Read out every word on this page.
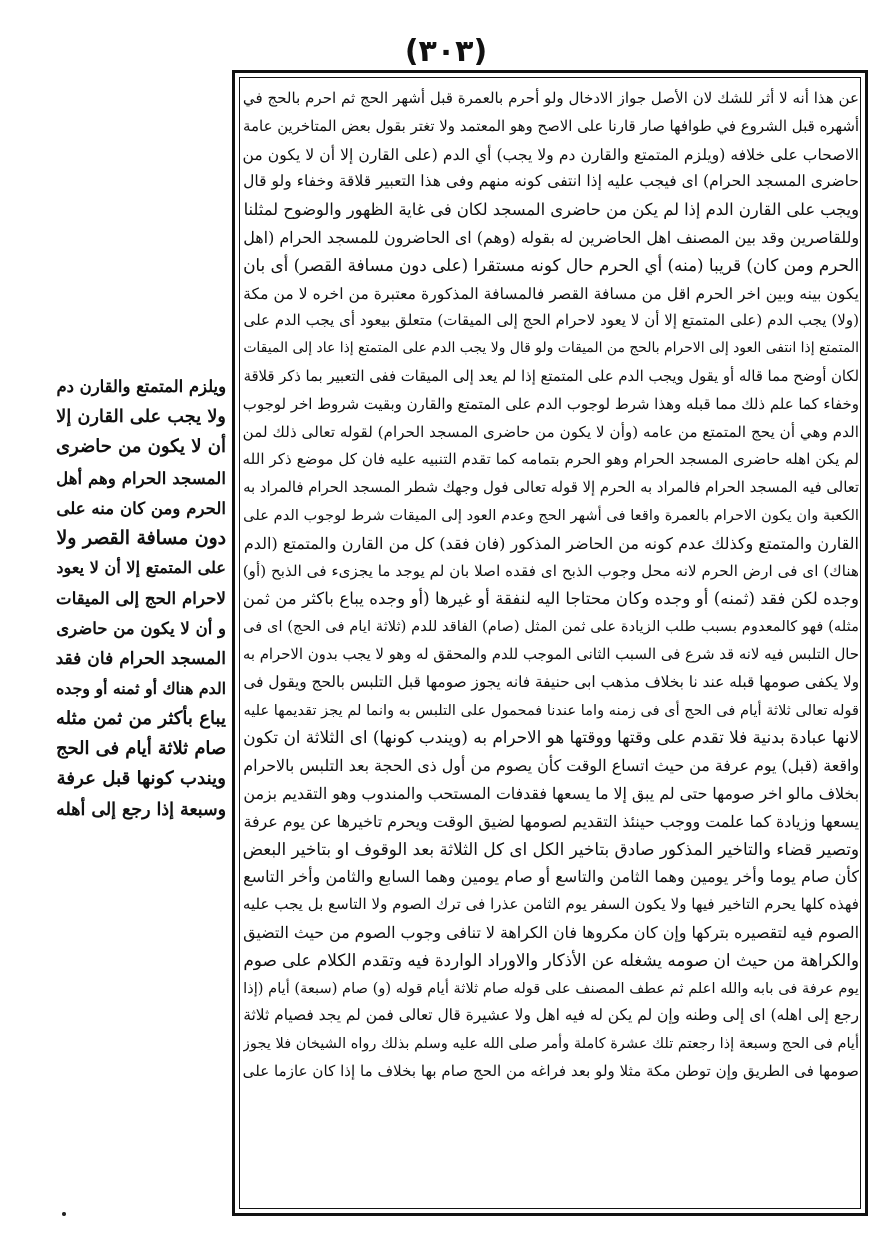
(٣٠٣)
ويلزم المتمتع والقارن دم
ولا يجب على القارن إلا
أن لا يكون من حاضرى
المسجد الحرام وهم أهل
الحرم ومن كان منه على
دون مسافة القصر ولا
على المتمتع إلا أن لا يعود
لاحرام الحج إلى الميقات
و أن لا يكون من حاضرى
المسجد الحرام فان فقد
الدم هناك أو ثمنه أو وجده
يباع بأكثر من ثمن مثله
صام ثلاثة أيام فى الحج
ويندب كونها قبل عرفة
وسبعة إذا رجع إلى أهله
عن هذا أنه لا أثر للشك لان الأصل جواز الادخال ولو أحرم بالعمرة قبل أشهر الحج ثم احرم بالحج في
أشهره قبل الشروع في طوافها صار قارنا على الاصح وهو المعتمد ولا تغتر بقول بعض المتاخرين عامة
الاصحاب على خلافه (ويلزم المتمتع والقارن دم ولا يجب) أي الدم (على القارن إلا أن لا يكون من
حاضرى المسجد الحرام) اى فيجب عليه إذا انتفى كونه منهم وفى هذا التعبير قلاقة وخفاء ولو قال
ويجب على القارن الدم إذا لم يكن من حاضرى المسجد لكان فى غاية الظهور والوضوح لمثلنا
وللقاصرين وقد بين المصنف اهل الحاضرين له بقوله (وهم) اى الحاضرون للمسجد الحرام (اهل
الحرم ومن كان) قريبا (منه) أي الحرم حال كونه مستقرا (على دون مسافة القصر) أى بان
يكون بينه وبين اخر الحرم اقل من مسافة القصر فالمسافة المذكورة معتبرة من اخره لا من مكة
(ولا) يجب الدم (على المتمتع إلا أن لا يعود لاحرام الحج إلى الميقات) متعلق بيعود أى يجب الدم على
المتمتع إذا انتفى العود إلى الاحرام بالحج من الميقات ولو قال ولا يجب الدم على المتمتع إذا عاد إلى الميقات
لكان أوضح مما قاله أو يقول ويجب الدم على المتمتع إذا لم يعد إلى الميقات ففى التعبير بما ذكر قلاقة
وخفاء كما علم ذلك مما قبله وهذا شرط لوجوب الدم على المتمتع والقارن وبقيت شروط اخر لوجوب
الدم وهي أن يحج المتمتع من عامه (وأن لا يكون من حاضرى المسجد الحرام) لقوله تعالى ذلك لمن
لم يكن اهله حاضرى المسجد الحرام وهو الحرم بتمامه كما تقدم التنبيه عليه فان كل موضع ذكر الله
تعالى فيه المسجد الحرام فالمراد به الحرم إلا قوله تعالى فول وجهك شطر المسجد الحرام فالمراد به
الكعبة وان يكون الاحرام بالعمرة واقعا فى أشهر الحج وعدم العود إلى الميقات شرط لوجوب الدم على
القارن والمتمتع وكذلك عدم كونه من الحاضر المذكور (فان فقد) كل من القارن والمتمتع (الدم
هناك) اى فى ارض الحرم لانه محل وجوب الذبح اى فقده اصلا بان لم يوجد ما يجزىء فى الذبح (أو)
وجده لكن فقد (ثمنه) أو وجده وكان محتاجا اليه لنفقة أو غيرها (أو وجده يباع باكثر من ثمن
مثله) فهو كالمعدوم بسبب طلب الزيادة على ثمن المثل (صام) الفاقد للدم (ثلاثة ايام فى الحج) اى فى
حال التلبس فيه لانه قد شرع فى السبب الثانى الموجب للدم والمحقق له وهو لا يجب بدون الاحرام به
ولا يكفى صومها قبله عند نا بخلاف مذهب ابى حنيفة فانه يجوز صومها قبل التلبس بالحج ويقول فى
قوله تعالى ثلاثة أيام فى الحج أى فى زمنه واما عندنا فمحمول على التلبس به وانما لم يجز تقديمها عليه
لانها عبادة بدنية فلا تقدم على وقتها ووقتها هو الاحرام به (ويندب كونها) اى الثلاثة ان تكون
واقعة (قبل) يوم عرفة من حيث اتساع الوقت كأن يصوم من أول ذى الحجة بعد التلبس بالاحرام
بخلاف مالو اخر صومها حتى لم يبق إلا ما يسعها فقدفات المستحب والمندوب وهو التقديم بزمن
يسعها وزيادة كما علمت ووجب حينئذ التقديم لصومها لضيق الوقت ويحرم تاخيرها عن يوم عرفة
وتصير قضاء والتاخير المذكور صادق بتاخير الكل اى كل الثلاثة بعد الوقوف او بتاخير البعض
كأن صام يوما وأخر يومين وهما الثامن والتاسع أو صام يومين وهما السابع والثامن وأخر التاسع
فهذه كلها يحرم التاخير فيها ولا يكون السفر يوم الثامن عذرا فى ترك الصوم ولا التاسع بل يجب عليه
الصوم فيه لتقصيره بتركها وإن كان مكروها فان الكراهة لا تنافى وجوب الصوم من حيث التضيق
والكراهة من حيث ان صومه يشغله عن الأذكار والاوراد الواردة فيه وتقدم الكلام على صوم
يوم عرفة فى بابه والله اعلم ثم عطف المصنف على قوله صام ثلاثة أيام قوله (و) صام (سبعة) أيام (إذا
رجع إلى اهله) اى إلى وطنه وإن لم يكن له فيه اهل ولا عشيرة قال تعالى فمن لم يجد فصيام ثلاثة
أيام فى الحج وسبعة إذا رجعتم تلك عشرة كاملة وأمر صلى الله عليه وسلم بذلك رواه الشيخان فلا يجوز
صومها فى الطريق وإن توطن مكة مثلا ولو بعد فراغه من الحج صام بها بخلاف ما إذا كان عازما على
